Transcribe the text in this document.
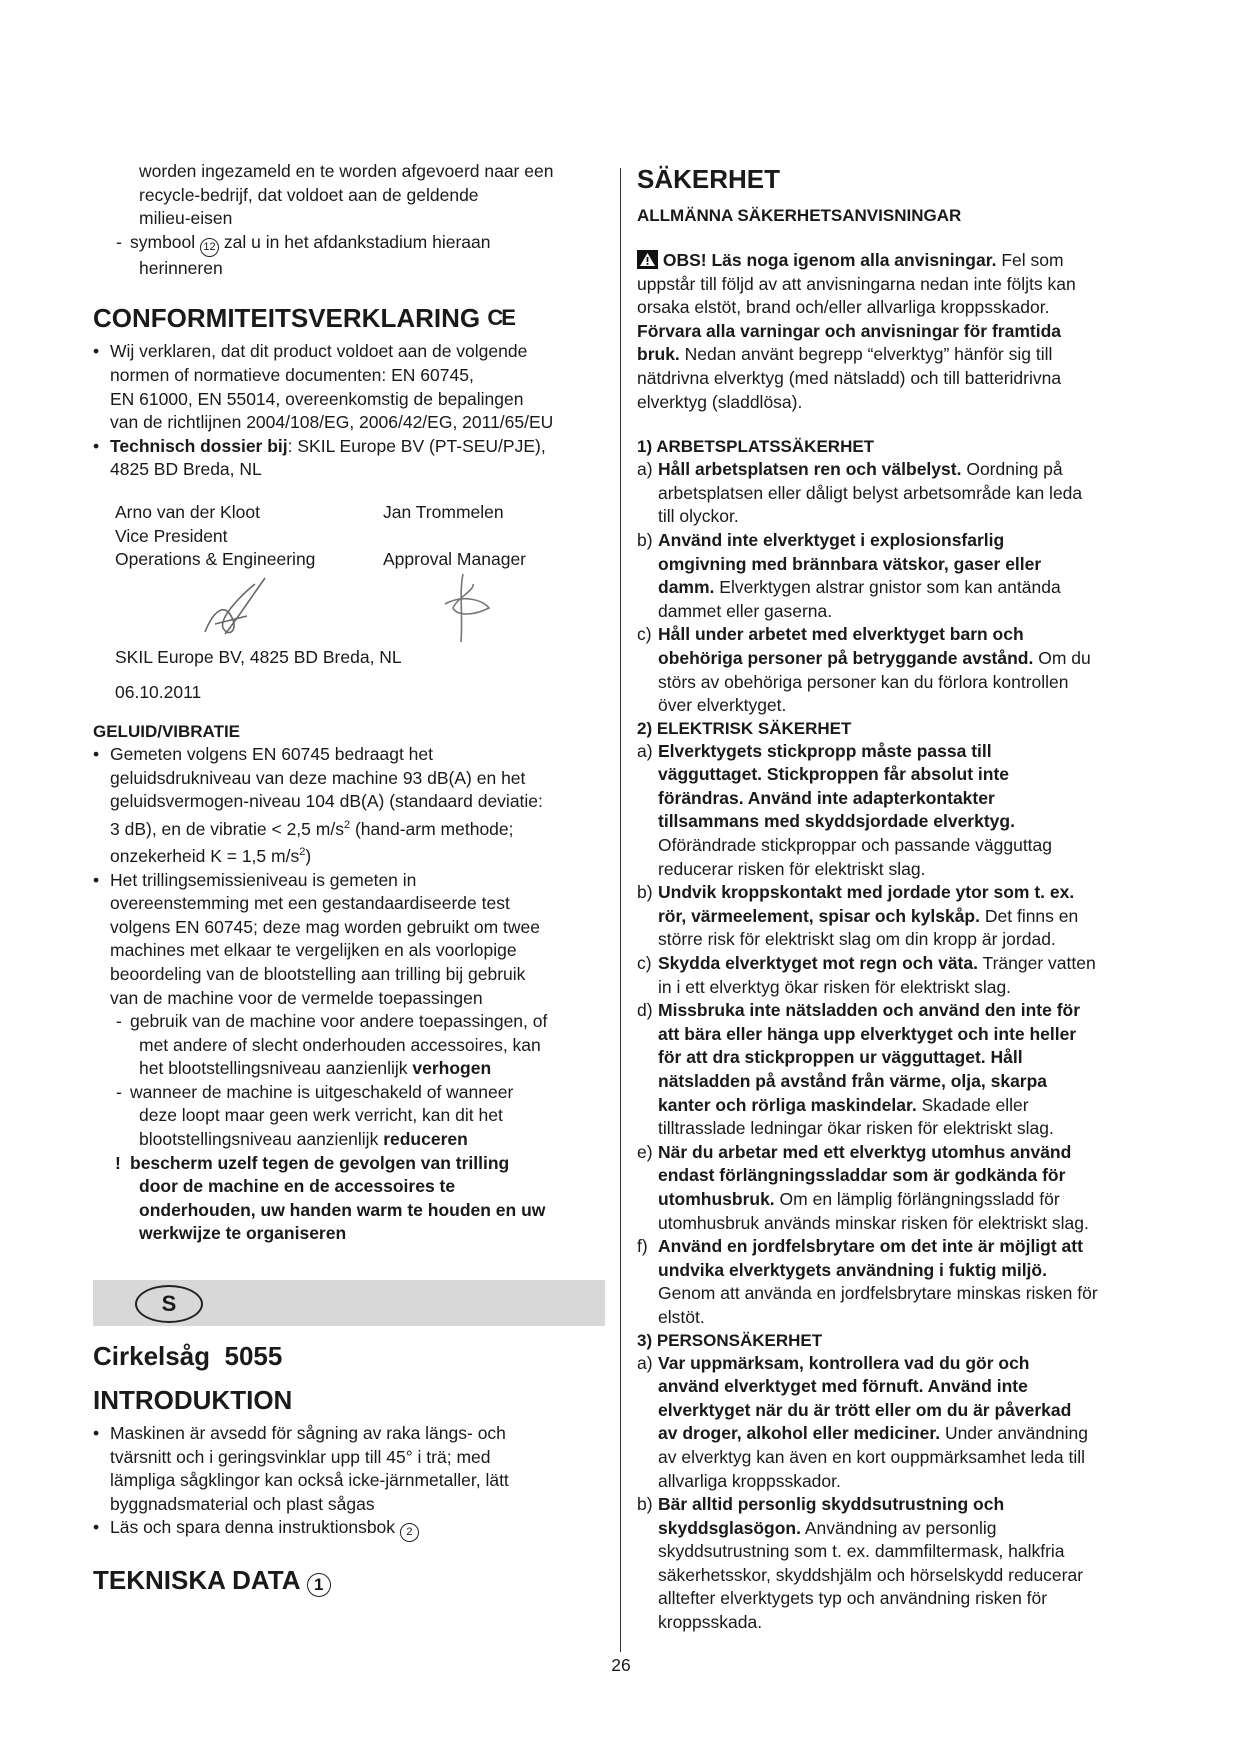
worden ingezameld en te worden afgevoerd naar een

recycle-bedrijf, dat voldoet aan de geldende

milieu-eisen

- symbool 12 zal u in het afdankstadium hieraan

herinneren

CONFORMITEITSVERKLARING CE
• Wij verklaren, dat dit product voldoet aan de volgende

normen of normatieve documenten: EN 60745,

EN 61000, EN 55014, overeenkomstig de bepalingen

van de richtlijnen 2004/108/EG, 2006/42/EG, 2011/65/EU

• Technisch dossier bij: SKIL Europe BV (PT-SEU/PJE),

4825 BD Breda, NL

Arno van der Kloot	Jan Trommelen
Vice President
Operations & Engineering	Approval Manager

SKIL Europe BV, 4825 BD Breda, NL

06.10.2011

GELUID/VIBRATIE
• Gemeten volgens EN 60745 bedraagt het

geluidsdrukniveau van deze machine 93 dB(A) en het

geluidsvermogen-niveau 104 dB(A) (standaard deviatie:

3 dB), en de vibratie < 2,5 $m/s^2$ (hand-arm methode;

onzekerheid K = 1,5 $m/s^2$)

• Het trillingsemissieniveau is gemeten in

overeenstemming met een gestandaardiseerde test

volgens EN 60745; deze mag worden gebruikt om twee

machines met elkaar te vergelijken en als voorlopige

beoordeling van de blootstelling aan trilling bij gebruik

van de machine voor de vermelde toepassingen

- gebruik van de machine voor andere toepassingen, of

met andere of slecht onderhouden accessoires, kan

het blootstellingsniveau aanzienlijk verhogen

- wanneer de machine is uitgeschakeld of wanneer

deze loopt maar geen werk verricht, kan dit het

blootstellingsniveau aanzienlijk reduceren

! bescherm uzelf tegen de gevolgen van trilling

door de machine en de accessoires te

onderhouden, uw handen warm te houden en uw

werkwijze te organiseren

S
Cirkelsåg  5055
INTRODUKTION
• Maskinen är avsedd för sågning av raka längs- och

tvärsnitt och i geringsvinklar upp till 45° i trä; med

lämpliga sågklingor kan också icke-järnmetaller, lätt

byggnadsmaterial och plast sågas

• Läs och spara denna instruktionsbok 2

TEKNISKA DATA 1
SÄKERHET
ALLMÄNNA SÄKERHETSANVISNINGAR

OBS! Läs noga igenom alla anvisningar. Fel som

uppstår till följd av att anvisningarna nedan inte följts kan

orsaka elstöt, brand och/eller allvarliga kroppsskador.

Förvara alla varningar och anvisningar för framtida

bruk. Nedan använt begrepp “elverktyg” hänför sig till

nätdrivna elverktyg (med nätsladd) och till batteridrivna

elverktyg (sladdlösa).

1) ARBETSPLATSSÄKERHET
a) Håll arbetsplatsen ren och välbelyst. Oordning på

arbetsplatsen eller dåligt belyst arbetsområde kan leda

till olyckor.

b) Använd inte elverktyget i explosionsfarlig

omgivning med brännbara vätskor, gaser eller

damm. Elverktygen alstrar gnistor som kan antända

dammet eller gaserna.

c) Håll under arbetet med elverktyget barn och

obehöriga personer på betryggande avstånd. Om du

störs av obehöriga personer kan du förlora kontrollen

över elverktyget.

2) ELEKTRISK SÄKERHET
a) Elverktygets stickpropp måste passa till

vägguttaget. Stickproppen får absolut inte

förändras. Använd inte adapterkontakter

tillsammans med skyddsjordade elverktyg.

Oförändrade stickproppar och passande vägguttag

reducerar risken för elektriskt slag.

b) Undvik kroppskontakt med jordade ytor som t. ex.

rör, värmeelement, spisar och kylskåp. Det finns en

större risk för elektriskt slag om din kropp är jordad.

c) Skydda elverktyget mot regn och väta. Tränger vatten

in i ett elverktyg ökar risken för elektriskt slag.

d) Missbruka inte nätsladden och använd den inte för

att bära eller hänga upp elverktyget och inte heller

för att dra stickproppen ur vägguttaget. Håll

nätsladden på avstånd från värme, olja, skarpa

kanter och rörliga maskindelar. Skadade eller

tilltrasslade ledningar ökar risken för elektriskt slag.

e) När du arbetar med ett elverktyg utomhus använd

endast förlängningssladdar som är godkända för

utomhusbruk. Om en lämplig förlängningssladd för

utomhusbruk används minskar risken för elektriskt slag.

f) Använd en jordfelsbrytare om det inte är möjligt att

undvika elverktygets användning i fuktig miljö.

Genom att använda en jordfelsbrytare minskas risken för

elstöt.

3) PERSONSÄKERHET
a) Var uppmärksam, kontrollera vad du gör och

använd elverktyget med förnuft. Använd inte

elverktyget när du är trött eller om du är påverkad

av droger, alkohol eller mediciner. Under användning

av elverktyg kan även en kort ouppmärksamhet leda till

allvarliga kroppsskador.

b) Bär alltid personlig skyddsutrustning och

skyddsglasögon. Användning av personlig

skyddsutrustning som t. ex. dammfiltermask, halkfria

säkerhetsskor, skyddshjälm och hörselskydd reducerar

alltefter elverktygets typ och användning risken för

kroppsskada.

26
